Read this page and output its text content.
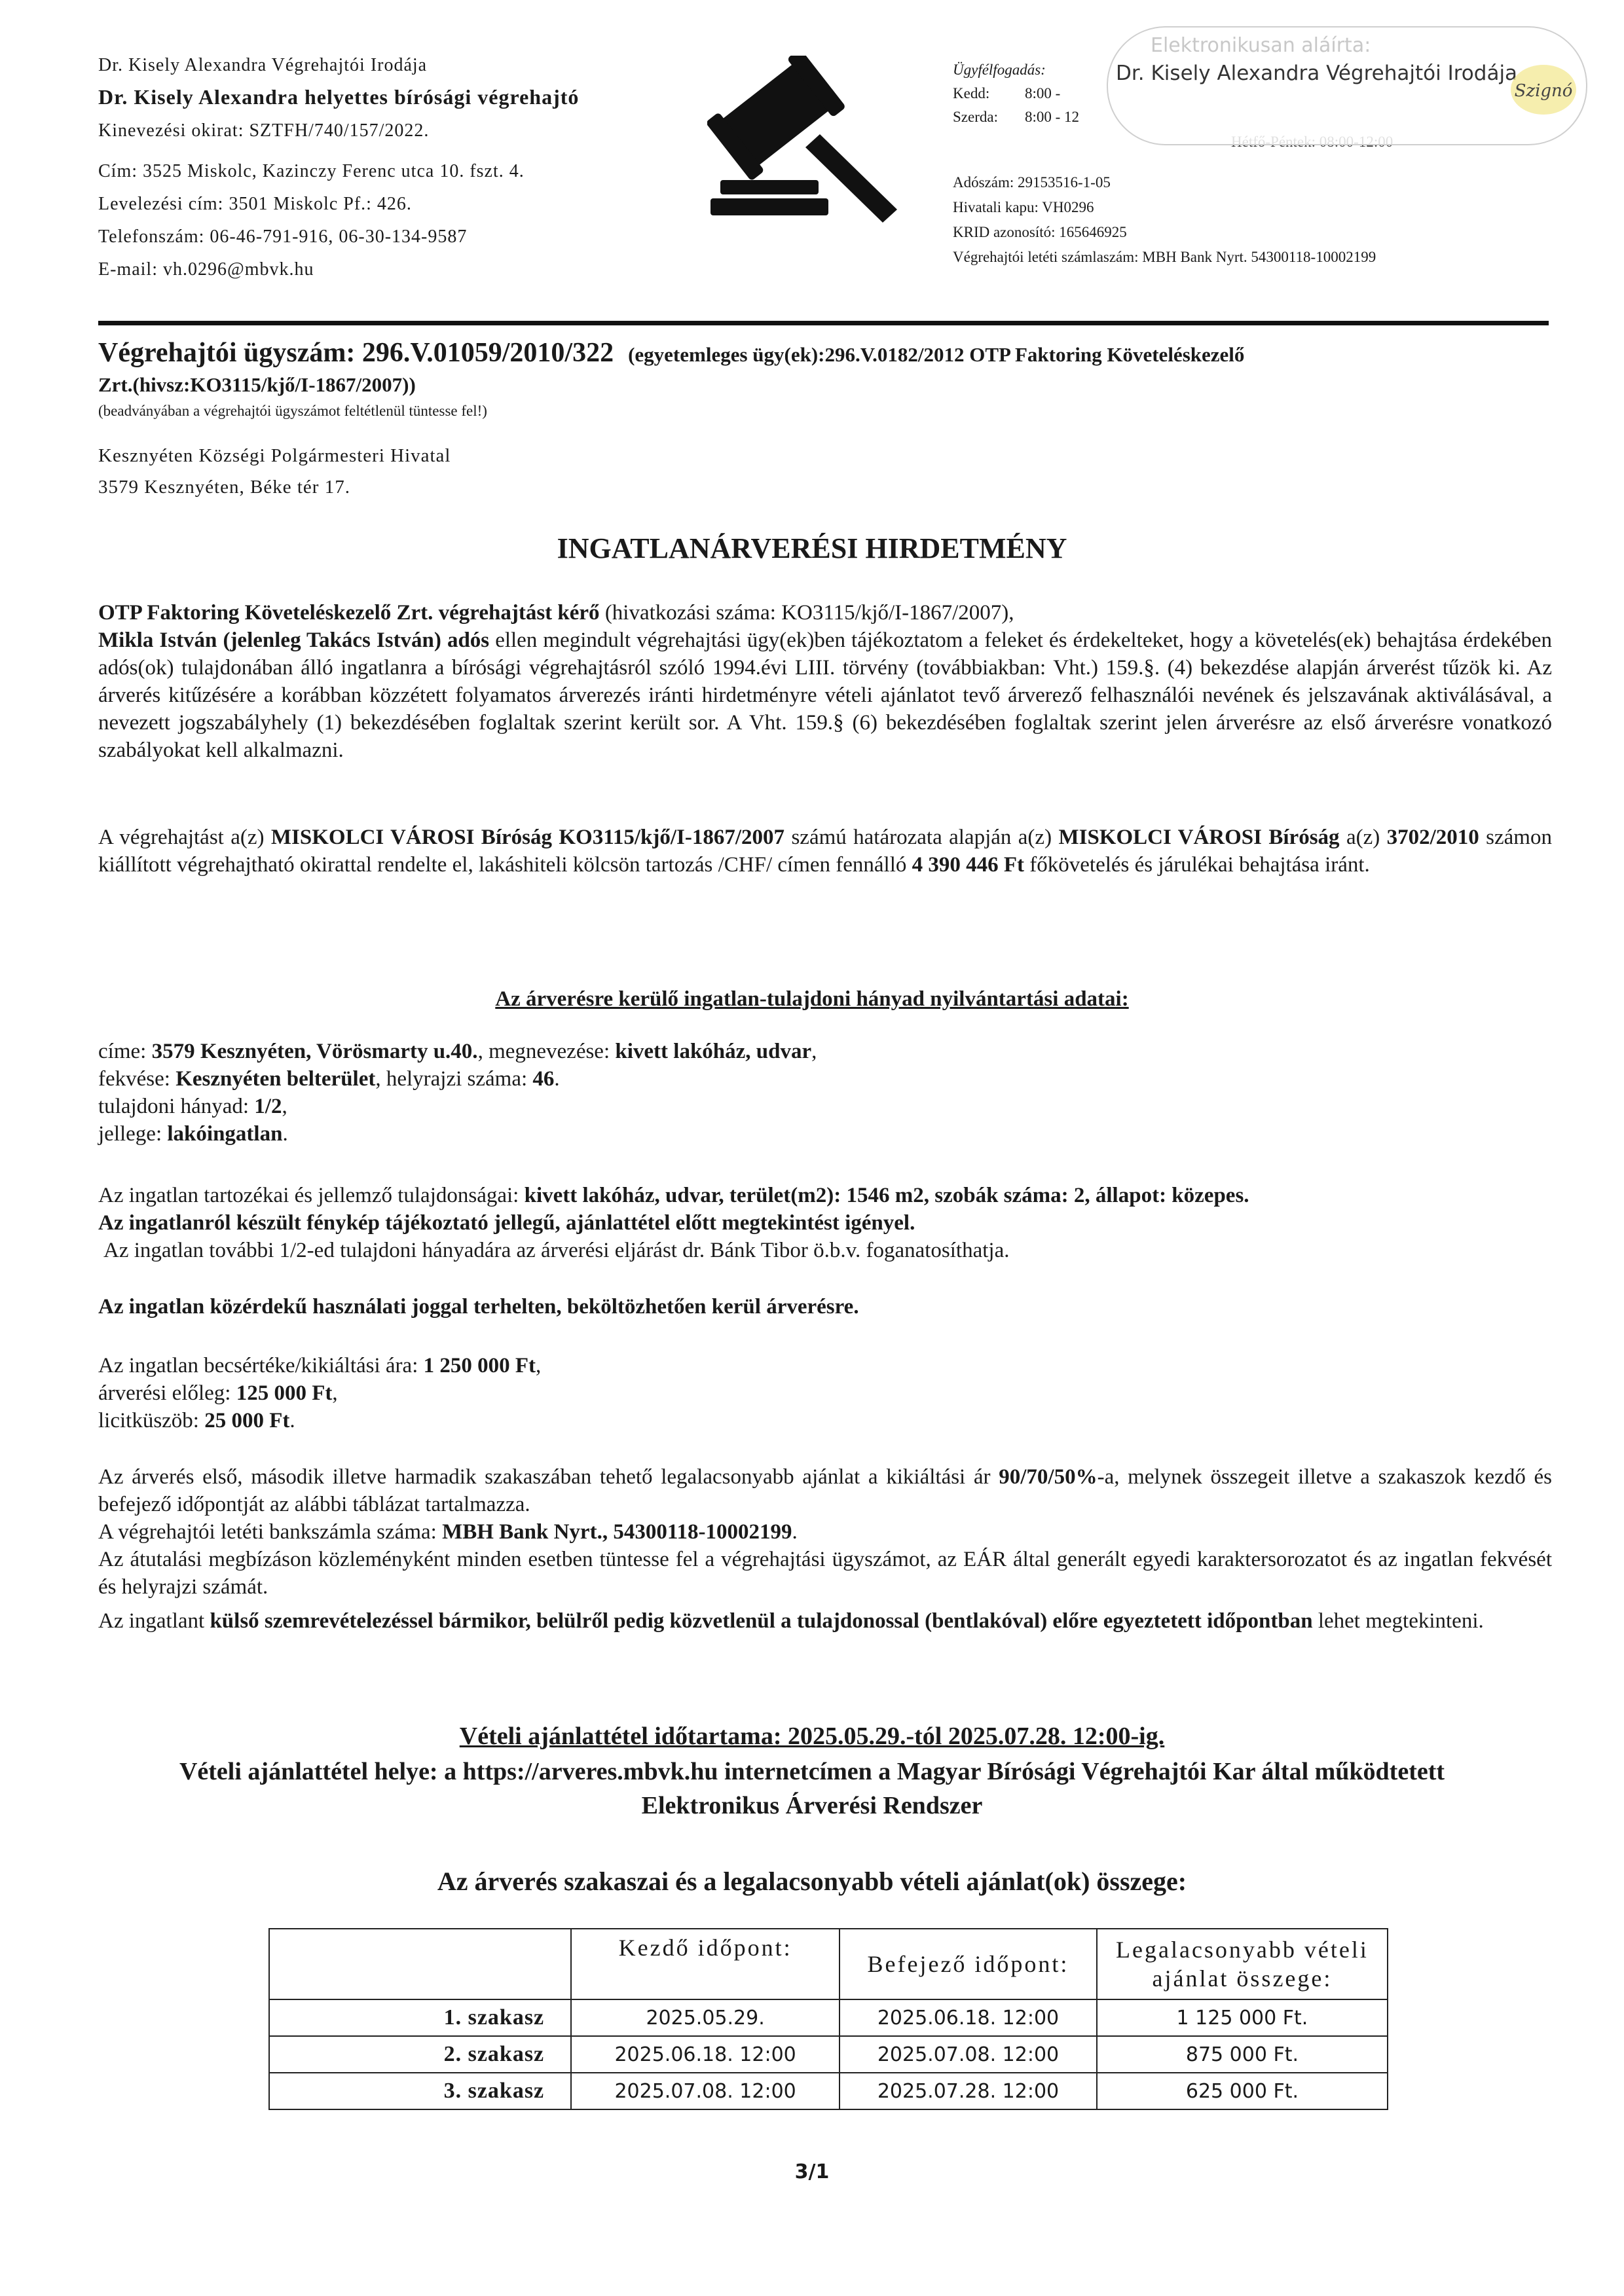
Dr. Kisely Alexandra Végrehajtói Irodája
Dr. Kisely Alexandra helyettes bírósági végrehajtó
Kinevezési okirat: SZTFH/740/157/2022.
Cím: 3525 Miskolc, Kazinczy Ferenc utca 10. fszt. 4.
Levelezési cím: 3501 Miskolc Pf.: 426.
Telefonszám: 06-46-791-916, 06-30-134-9587
E-mail: vh.0296@mbvk.hu
Ügyfélfogadás:
Kedd: 8:00 -
Szerda: 8:00 - 12
Adószám: 29153516-1-05
Hivatali kapu: VH0296
KRID azonosító: 165646925
Végrehajtói letéti számlaszám: MBH Bank Nyrt. 54300118-10002199
Elektronikusan aláírta:
Dr. Kisely Alexandra Végrehajtói Irodája
Szignó
Végrehajtói ügyszám: 296.V.01059/2010/322 (egyetemleges ügy(ek):296.V.0182/2012 OTP Faktoring Követeléskezelő
Zrt.(hivsz:KO3115/kjő/I-1867/2007))
(beadványában a végrehajtói ügyszámot feltétlenül tüntesse fel!)
Kesznyéten Községi Polgármesteri Hivatal
3579 Kesznyéten, Béke tér 17.
INGATLANÁRVERÉSI HIRDETMÉNY
OTP Faktoring Követeléskezelő Zrt. végrehajtást kérő (hivatkozási száma: KO3115/kjő/I-1867/2007),
Mikla István (jelenleg Takács István) adós ellen megindult végrehajtási ügy(ek)ben tájékoztatom a feleket és érdekelteket, hogy a követelés(ek) behajtása érdekében adós(ok) tulajdonában álló ingatlanra a bírósági végrehajtásról szóló 1994.évi LIII. törvény (továbbiakban: Vht.) 159.§. (4) bekezdése alapján árverést tűzök ki. Az árverés kitűzésére a korábban közzétett folyamatos árverezés iránti hirdetményre vételi ajánlatot tevő árverező felhasználói nevének és jelszavának aktiválásával, a nevezett jogszabályhely (1) bekezdésében foglaltak szerint került sor. A Vht. 159.§ (6) bekezdésében foglaltak szerint jelen árverésre az első árverésre vonatkozó szabályokat kell alkalmazni.
A végrehajtást a(z) MISKOLCI VÁROSI Bíróság KO3115/kjő/I-1867/2007 számú határozata alapján a(z) MISKOLCI VÁROSI Bíróság a(z) 3702/2010 számon kiállított végrehajtható okirattal rendelte el, lakáshiteli kölcsön tartozás /CHF/ címen fennálló 4 390 446 Ft főkövetelés és járulékai behajtása iránt.
Az árverésre kerülő ingatlan-tulajdoni hányad nyilvántartási adatai:
címe: 3579 Kesznyéten, Vörösmarty u.40., megnevezése: kivett lakóház, udvar,
fekvése: Kesznyéten belterület, helyrajzi száma: 46.
tulajdoni hányad: 1/2,
jellege: lakóingatlan.
Az ingatlan tartozékai és jellemző tulajdonságai: kivett lakóház, udvar, terület(m2): 1546 m2, szobák száma: 2, állapot: közepes.
Az ingatlanról készült fénykép tájékoztató jellegű, ajánlattétel előtt megtekintést igényel.
Az ingatlan további 1/2-ed tulajdoni hányadára az árverési eljárást dr. Bánk Tibor ö.b.v. foganatosíthatja.
Az ingatlan közérdekű használati joggal terhelten, beköltözhetően kerül árverésre.
Az ingatlan becsértéke/kikiáltási ára: 1 250 000 Ft,
árverési előleg: 125 000 Ft,
licitküszöb: 25 000 Ft.
Az árverés első, második illetve harmadik szakaszában tehető legalacsonyabb ajánlat a kikiáltási ár 90/70/50%-a, melynek összegeit illetve a szakaszok kezdő és befejező időpontját az alábbi táblázat tartalmazza.
A végrehajtói letéti bankszámla száma: MBH Bank Nyrt., 54300118-10002199.
Az átutalási megbízáson közleményként minden esetben tüntesse fel a végrehajtási ügyszámot, az EÁR által generált egyedi karaktersorozatot és az ingatlan fekvését és helyrajzi számát.
Az ingatlant külső szemrevételezéssel bármikor, belülről pedig közvetlenül a tulajdonossal (bentlakóval) előre egyeztetett időpontban lehet megtekinteni.
Vételi ajánlattétel időtartama: 2025.05.29.-tól 2025.07.28. 12:00-ig.
Vételi ajánlattétel helye: a https://arveres.mbvk.hu internetcímen a Magyar Bírósági Végrehajtói Kar által működtetett Elektronikus Árverési Rendszer
Az árverés szakaszai és a legalacsonyabb vételi ajánlat(ok) összege:
	Kezdő időpont:	Befejező időpont:	Legalacsonyabb vételi ajánlat összege:
1. szakasz	2025.05.29.	2025.06.18. 12:00	1 125 000 Ft.
2. szakasz	2025.06.18. 12:00	2025.07.08. 12:00	875 000 Ft.
3. szakasz	2025.07.08. 12:00	2025.07.28. 12:00	625 000 Ft.
3/1
